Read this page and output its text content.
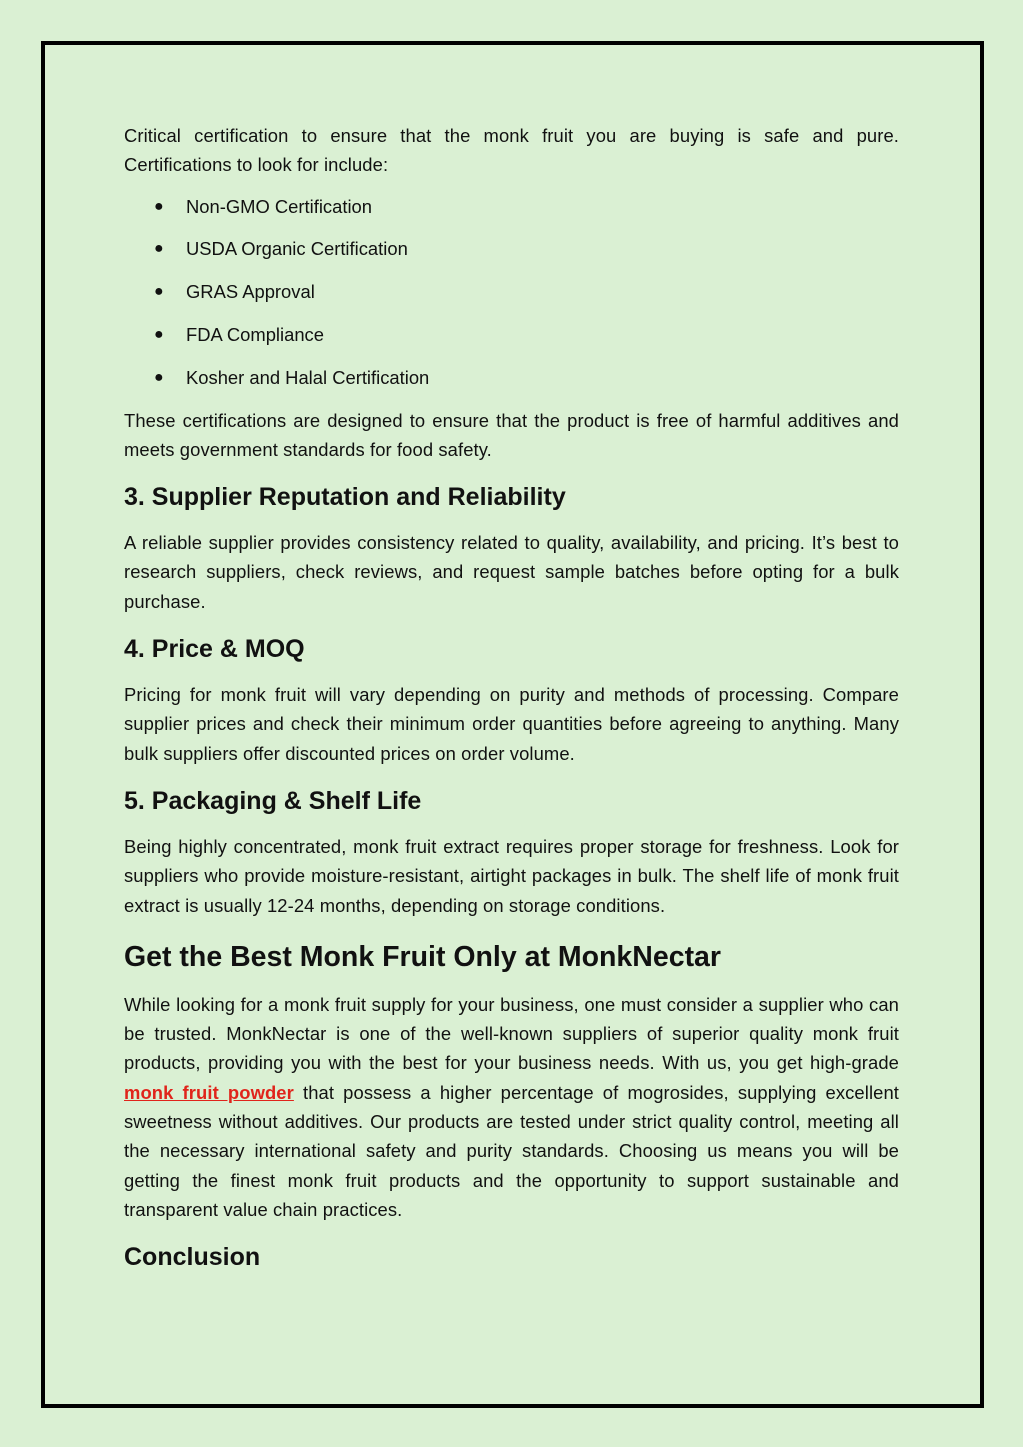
Critical certification to ensure that the monk fruit you are buying is safe and pure. Certifications to look for include:

● Non-GMO Certification
● USDA Organic Certification
● GRAS Approval
● FDA Compliance
● Kosher and Halal Certification

These certifications are designed to ensure that the product is free of harmful additives and meets government standards for food safety.

3. Supplier Reputation and Reliability

A reliable supplier provides consistency related to quality, availability, and pricing. It’s best to research suppliers, check reviews, and request sample batches before opting for a bulk purchase.

4. Price & MOQ

Pricing for monk fruit will vary depending on purity and methods of processing. Compare supplier prices and check their minimum order quantities before agreeing to anything. Many bulk suppliers offer discounted prices on order volume.

5. Packaging & Shelf Life

Being highly concentrated, monk fruit extract requires proper storage for freshness. Look for suppliers who provide moisture-resistant, airtight packages in bulk. The shelf life of monk fruit extract is usually 12-24 months, depending on storage conditions.

Get the Best Monk Fruit Only at MonkNectar

While looking for a monk fruit supply for your business, one must consider a supplier who can be trusted. MonkNectar is one of the well-known suppliers of superior quality monk fruit products, providing you with the best for your business needs. With us, you get high-grade monk fruit powder that possess a higher percentage of mogrosides, supplying excellent sweetness without additives. Our products are tested under strict quality control, meeting all the necessary international safety and purity standards. Choosing us means you will be getting the finest monk fruit products and the opportunity to support sustainable and transparent value chain practices.

Conclusion
